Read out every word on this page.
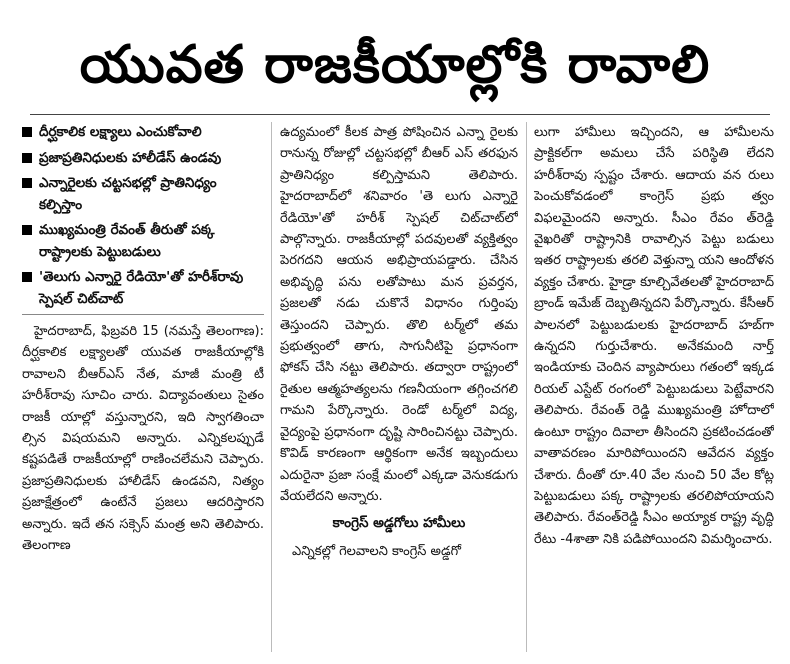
యువత రాజకీయాల్లోకి రావాలి
దీర్ఘకాలిక లక్ష్యాలు ఎంచుకోవాలి
ప్రజాప్రతినిధులకు హాలీడేస్ ఉండవు
ఎన్నారైలకు చట్టసభల్లో ప్రాతినిధ్యం కల్పిస్తాం
ముఖ్యమంత్రి రేవంత్ తీరుతో పక్క రాష్ట్రాలకు పెట్టుబడులు
'తెలుగు ఎన్నారై రేడియో'తో హరీశ్‌రావు స్పెషల్ చిట్‌చాట్

హైదరాబాద్, ఫిబ్రవరి 15 (నమస్తే తెలంగాణ): దీర్ఘకాలిక లక్ష్యాలతో యువత రాజకీయాల్లోకి రావాలని బీఆర్‌ఎస్ నేత, మాజీ మంత్రి టీ హరీశ్‌రావు సూచిం చారు. విద్యావంతులు సైతం రాజకీ యాల్లో వస్తున్నారని, ఇది స్వాగతించా ల్సిన విషయమని అన్నారు. ఎన్నికలప్పుడే కష్టపడితే రాజకీయాల్లో రాణించలేమని చెప్పారు. ప్రజాప్రతినిధులకు హాలీడేస్ ఉండవని, నిత్యం ప్రజాక్షేత్రంలో ఉంటేనే ప్రజలు ఆదరిస్తారని అన్నారు. ఇదే తన సక్సెస్ మంత్ర అని తెలిపారు. తెలంగాణ

ఉద్యమంలో కీలక పాత్ర పోషించిన ఎన్నా రైలకు రానున్న రోజుల్లో చట్టసభల్లో బీఆర్ ఎస్ తరఫున ప్రాతినిధ్యం కల్పిస్తామని తెలిపారు. హైదరాబాద్‌లో శనివారం 'తె లుగు ఎన్నారై రేడియో'తో హరీశ్ స్పెషల్ చిట్‌చాట్‌లో పాల్గొన్నారు. రాజకీయాల్లో పదవులతో వ్యక్తిత్వం పెరగదని ఆయన అభిప్రాయపడ్డారు. చేసిన అభివృద్ధి పను లతోపాటు మన ప్రవర్తన, ప్రజలతో నడు చుకొనే విధానం గుర్తింపు తెస్తుందని చెప్పారు. తొలి టర్మ్‌లో తమ ప్రభుత్వంలో తాగు, సాగునీటిపై ప్రధానంగా ఫోకస్ చేసి నట్టు తెలిపారు. తద్వారా రాష్ట్రంలో రైతుల ఆత్మహత్యలను గణనీయంగా తగ్గించగలి గామని పేర్కొన్నారు. రెండో టర్మ్‌లో విద్య, వైద్యంపై ప్రధానంగా దృష్టి సారించినట్టు చెప్పారు. కొవిడ్ కారణంగా ఆర్థికంగా అనేక ఇబ్బందులు ఎదురైనా ప్రజా సంక్షే మంలో ఎక్కడా వెనుకడుగు వేయలేదని అన్నారు.

కాంగ్రెస్ అడ్డగోలు హామీలు

ఎన్నికల్లో గెలవాలని కాంగ్రెస్ అడ్డగో

లుగా హామీలు ఇచ్చిందని, ఆ హామీలను ప్రాక్టికల్‌గా అమలు చేసే పరిస్థితి లేదని హరీశ్‌రావు స్పష్టం చేశారు. ఆదాయ వన రులు పెంచుకోవడంలో కాంగ్రెస్ ప్రభు త్వం విఫలమైందని అన్నారు. సీఎం రేవం త్‌రెడ్డి వైఖరితో రాష్ట్రానికి రావాల్సిన పెట్టు బడులు ఇతర రాష్ట్రాలకు తరలి వెళ్తున్నా యని ఆందోళన వ్యక్తం చేశారు. హైడ్రా కూల్చివేతలతో హైదరాబాద్ బ్రాండ్ ఇమేజ్ దెబ్బతిన్నదని పేర్కొన్నారు. కేసీఆర్ పాలనలో పెట్టుబడులకు హైదరాబాద్ హబ్‌గా ఉన్నదని గుర్తుచేశారు. అనేకమంది నార్త్ ఇండియాకు చెందిన వ్యాపారులు గతంలో ఇక్కడ రియల్ ఎస్టేట్ రంగంలో పెట్టుబడులు పెట్టేవారని తెలిపారు. రేవంత్ రెడ్డి ముఖ్యమంత్రి హోదాలో ఉంటూ రాష్ట్రం దివాలా తీసిందని ప్రకటించడంతో వాతావరణం మారిపోయిందని ఆవేదన వ్యక్తం చేశారు. దీంతో రూ.40 వేల నుంచి 50 వేల కోట్ల పెట్టుబడులు పక్క రాష్ట్రాలకు తరలిపోయాయని తెలిపారు. రేవంత్‌రెడ్డి సీఎం అయ్యాక రాష్ట్ర వృద్ధి రేటు -4శాతా నికి పడిపోయిందని విమర్శించారు.
